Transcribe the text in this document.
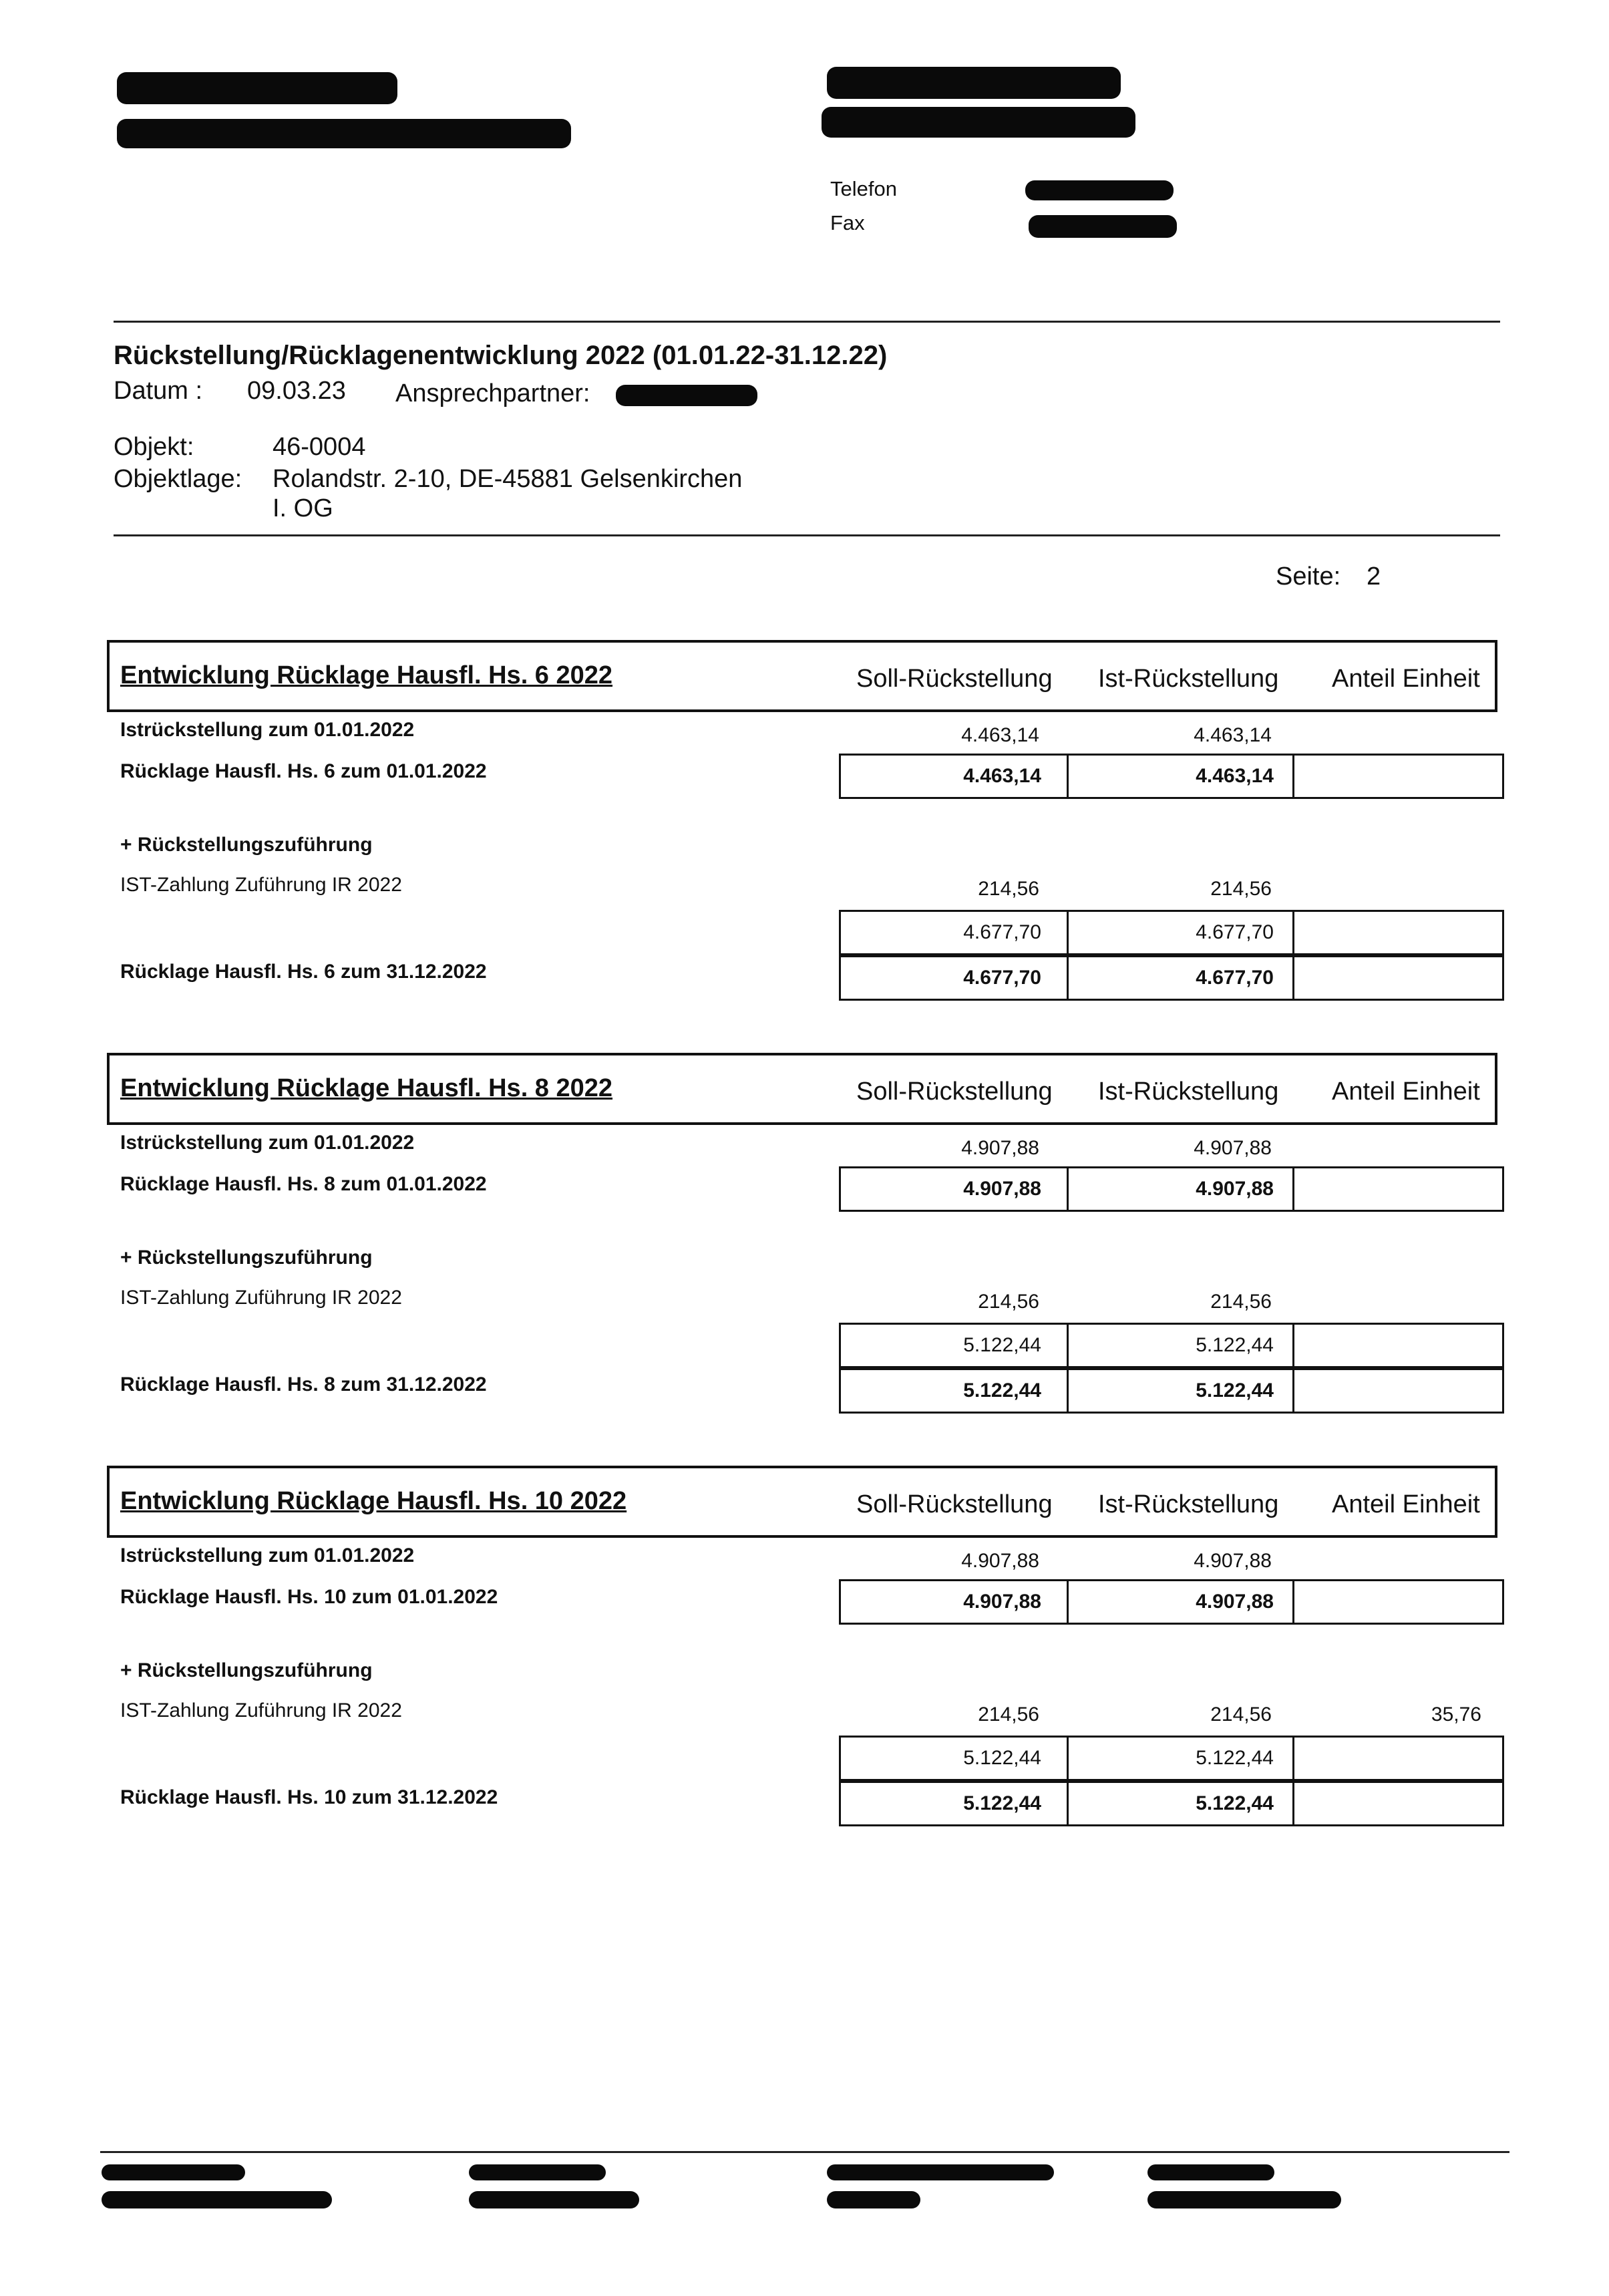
Telefon
Fax
Rückstellung/Rücklagenentwicklung 2022 (01.01.22-31.12.22)
Datum : 09.03.23 Ansprechpartner:
Objekt:	46-0004
Objektlage: Rolandstr. 2-10, DE-45881 Gelsenkirchen
I. OG
Seite: 2
Entwicklung Rücklage Hausfl. Hs. 6 2022	Soll-Rückstellung Ist-Rückstellung Anteil Einheit
Istrückstellung zum 01.01.2022	4.463,14	4.463,14
Rücklage Hausfl. Hs. 6 zum 01.01.2022	4.463,14	4.463,14
+ Rückstellungszuführung
IST-Zahlung Zuführung IR 2022	214,56	214,56
4.677,70	4.677,70
Rücklage Hausfl. Hs. 6 zum 31.12.2022	4.677,70	4.677,70
Entwicklung Rücklage Hausfl. Hs. 8 2022	Soll-Rückstellung Ist-Rückstellung Anteil Einheit
Istrückstellung zum 01.01.2022	4.907,88	4.907,88
Rücklage Hausfl. Hs. 8 zum 01.01.2022	4.907,88	4.907,88
+ Rückstellungszuführung
IST-Zahlung Zuführung IR 2022	214,56	214,56
5.122,44	5.122,44
Rücklage Hausfl. Hs. 8 zum 31.12.2022	5.122,44	5.122,44
Entwicklung Rücklage Hausfl. Hs. 10 2022	Soll-Rückstellung Ist-Rückstellung Anteil Einheit
Istrückstellung zum 01.01.2022	4.907,88	4.907,88
Rücklage Hausfl. Hs. 10 zum 01.01.2022	4.907,88	4.907,88
+ Rückstellungszuführung
IST-Zahlung Zuführung IR 2022	214,56	214,56	35,76
5.122,44	5.122,44
Rücklage Hausfl. Hs. 10 zum 31.12.2022	5.122,44	5.122,44
